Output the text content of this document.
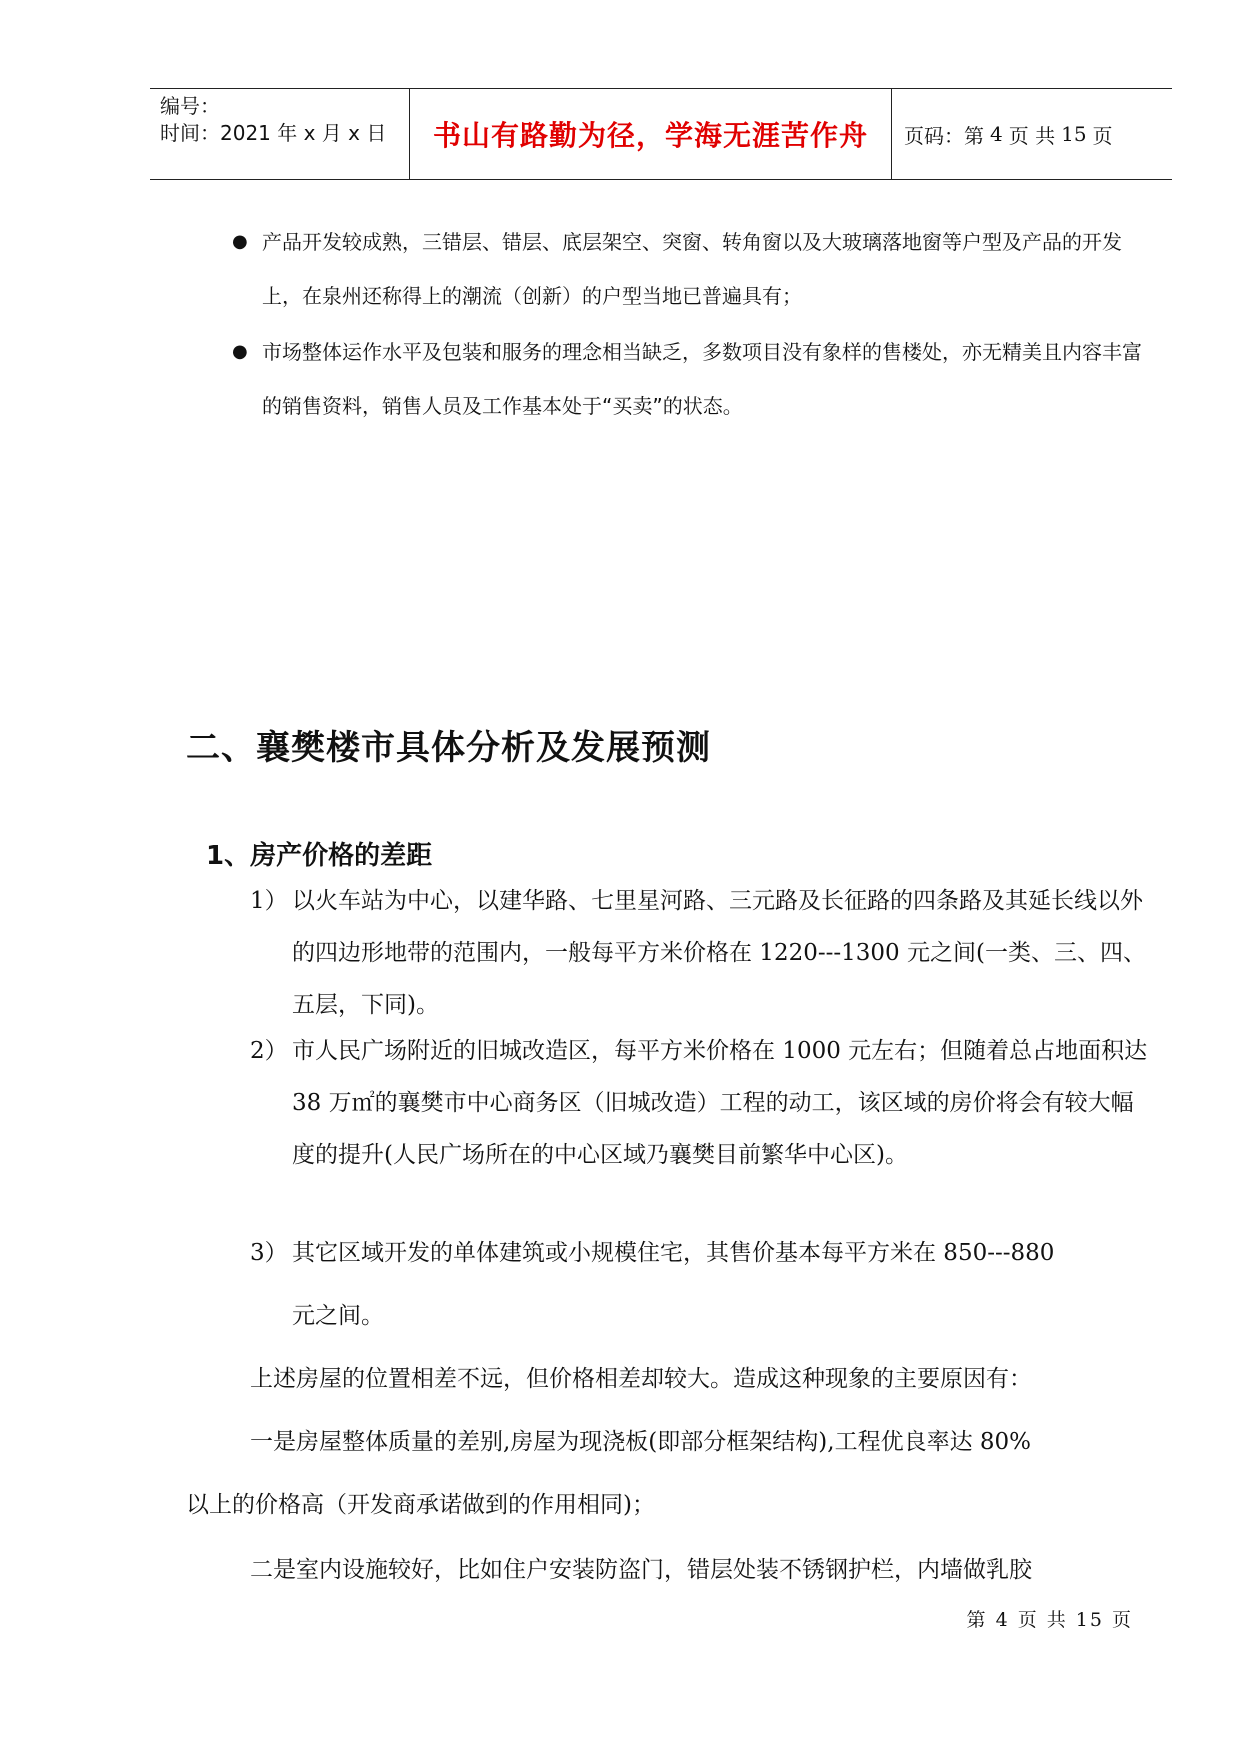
编号：
时间：2021 年 x 月 x 日	书山有路勤为径，学海无涯苦作舟	页码：第 4 页 共 15 页
● 产品开发较成熟，三错层、错层、底层架空、突窗、转角窗以及大玻璃落地窗等户型及产品的开发上，在泉州还称得上的潮流（创新）的户型当地已普遍具有；
● 市场整体运作水平及包装和服务的理念相当缺乏，多数项目没有象样的售楼处，亦无精美且内容丰富的销售资料，销售人员及工作基本处于“买卖”的状态。
二、襄樊楼市具体分析及发展预测
1、房产价格的差距
1） 以火车站为中心，以建华路、七里星河路、三元路及长征路的四条路及其延长线以外的四边形地带的范围内，一般每平方米价格在 1220---1300 元之间(一类、三、四、五层，下同)。
2） 市人民广场附近的旧城改造区，每平方米价格在 1000 元左右；但随着总占地面积达 38 万㎡的襄樊市中心商务区（旧城改造）工程的动工，该区域的房价将会有较大幅度的提升(人民广场所在的中心区域乃襄樊目前繁华中心区)。
3） 其它区域开发的单体建筑或小规模住宅，其售价基本每平方米在 850---880
元之间。
上述房屋的位置相差不远，但价格相差却较大。造成这种现象的主要原因有：
一是房屋整体质量的差别,房屋为现浇板(即部分框架结构),工程优良率达 80%
以上的价格高（开发商承诺做到的作用相同)；
二是室内设施较好，比如住户安装防盗门，错层处装不锈钢护栏，内墙做乳胶
第 4 页 共 15 页
